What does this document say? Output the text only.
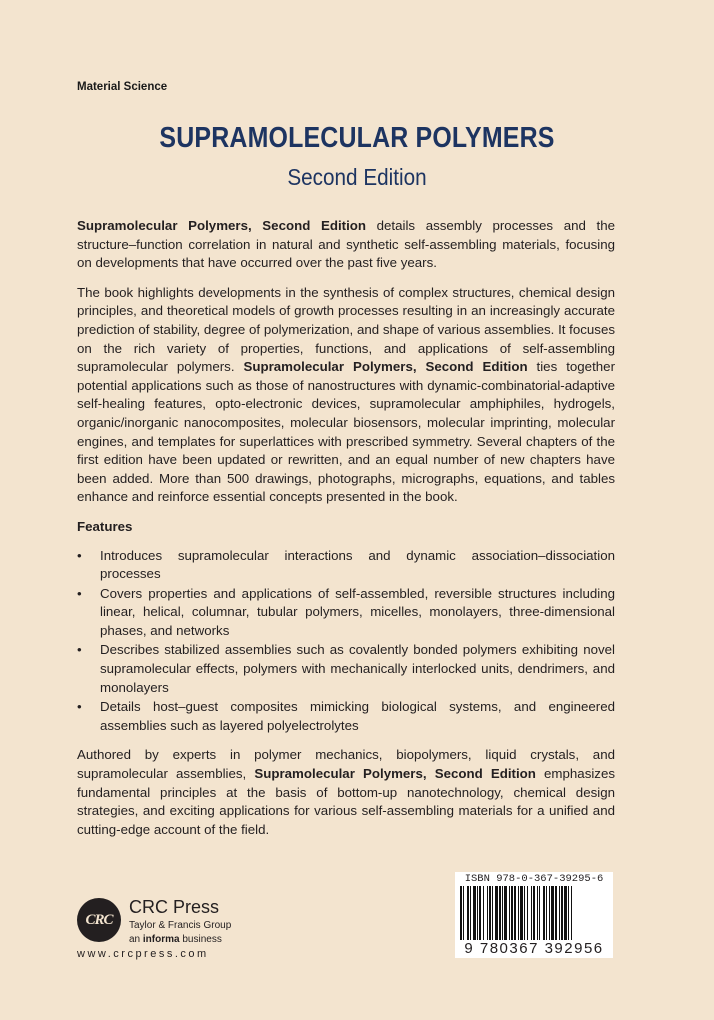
Material Science
SUPRAMOLECULAR POLYMERS
Second Edition

Supramolecular Polymers, Second Edition details assembly processes and the structure–function correlation in natural and synthetic self-assembling materials, focusing on developments that have occurred over the past five years.

The book highlights developments in the synthesis of complex structures, chemical design principles, and theoretical models of growth processes resulting in an increasingly accurate prediction of stability, degree of polymerization, and shape of various assemblies. It focuses on the rich variety of properties, functions, and applications of self-assembling supramolecular polymers. Supramolecular Polymers, Second Edition ties together potential applications such as those of nanostructures with dynamic-combinatorial-adaptive self-healing features, opto-electronic devices, supramolecular amphiphiles, hydrogels, organic/inorganic nanocomposites, molecular biosensors, molecular imprinting, molecular engines, and templates for superlattices with prescribed symmetry. Several chapters of the first edition have been updated or rewritten, and an equal number of new chapters have been added. More than 500 drawings, photographs, micrographs, equations, and tables enhance and reinforce essential concepts presented in the book.

Features
• Introduces supramolecular interactions and dynamic association–dissociation processes
• Covers properties and applications of self-assembled, reversible structures including linear, helical, columnar, tubular polymers, micelles, monolayers, three-dimensional phases, and networks
• Describes stabilized assemblies such as covalently bonded polymers exhibiting novel supramolecular effects, polymers with mechanically interlocked units, dendrimers, and monolayers
• Details host–guest composites mimicking biological systems, and engineered assemblies such as layered polyelectrolytes

Authored by experts in polymer mechanics, biopolymers, liquid crystals, and supramolecular assemblies, Supramolecular Polymers, Second Edition emphasizes fundamental principles at the basis of bottom-up nanotechnology, chemical design strategies, and exciting applications for various self-assembling materials for a unified and cutting-edge account of the field.

CRC
CRC Press
Taylor & Francis Group
an informa business
www.crcpress.com
ISBN 978-0-367-39295-6
9 780367 392956
